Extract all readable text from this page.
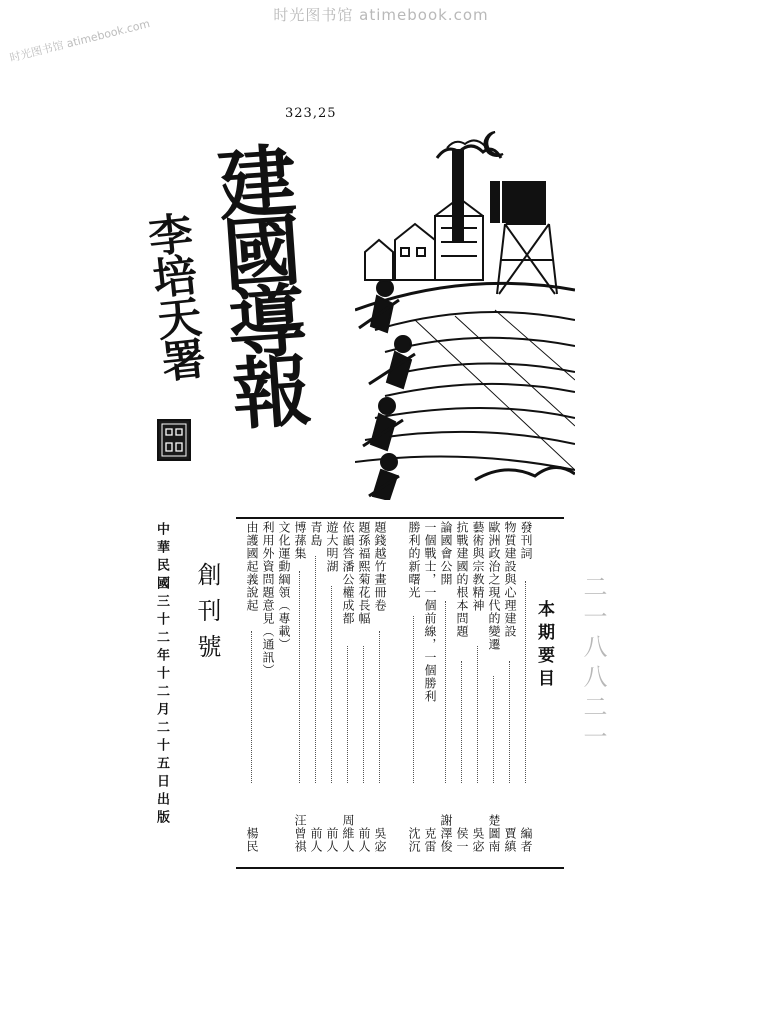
时光图书馆 atimebook.com
时光图书馆 atimebook.com
323,25
建國導報
李培天署
中華民國三十二年十二月二十五日出版 創刊號	本期要目
發刊詞
編者
物質建設與心理建設
賈縝
歐洲政治之現代的變遷
楚圖南
藝術與宗教精神
吳宓
抗戰建國的根本問題
侯一
論國會公開
謝澤俊
一個戰士，一個前線，一個勝利
克雷
勝利的新曙光
沈沉
題錢越竹畫冊卷
吳宓
題孫福熙菊花長幅
前人
依韻答潘公權成都
周維人
遊大明湖
前人
青島
前人
博蓀集
汪曾祺
文化運動綱領（專載）
利用外資問題意見（通訊）
由護國起義說起
楊民
二一八八二一
